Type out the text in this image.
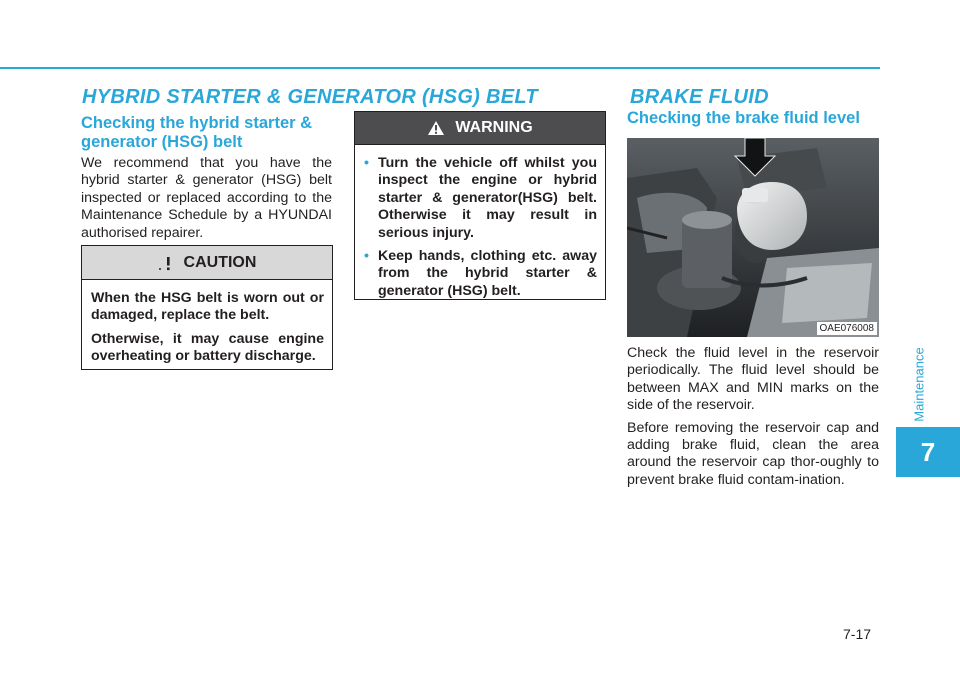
HYBRID STARTER & GENERATOR (HSG) BELT	BRAKE FLUID
Checking the hybrid starter &
generator (HSG) belt

We recommend that you have the hybrid starter & generator (HSG) belt inspected or replaced according to the Maintenance Schedule by a HYUNDAI authorised repairer.

CAUTION

When the HSG belt is worn out or damaged, replace the belt.

Otherwise, it may cause engine overheating or battery discharge.

WARNING
• Turn the vehicle off whilst you inspect the engine or hybrid starter & generator(HSG) belt. Otherwise it may result in serious injury.
• Keep hands, clothing etc. away from the hybrid starter & generator (HSG) belt.
Checking the brake fluid level
OAE076008

Check the fluid level in the reservoir periodically. The fluid level should be between MAX and MIN marks on the side of the reservoir.

Before removing the reservoir cap and adding brake fluid, clean the area around the reservoir cap thor-oughly to prevent brake fluid contam-ination.

Maintenance
7
7-17
